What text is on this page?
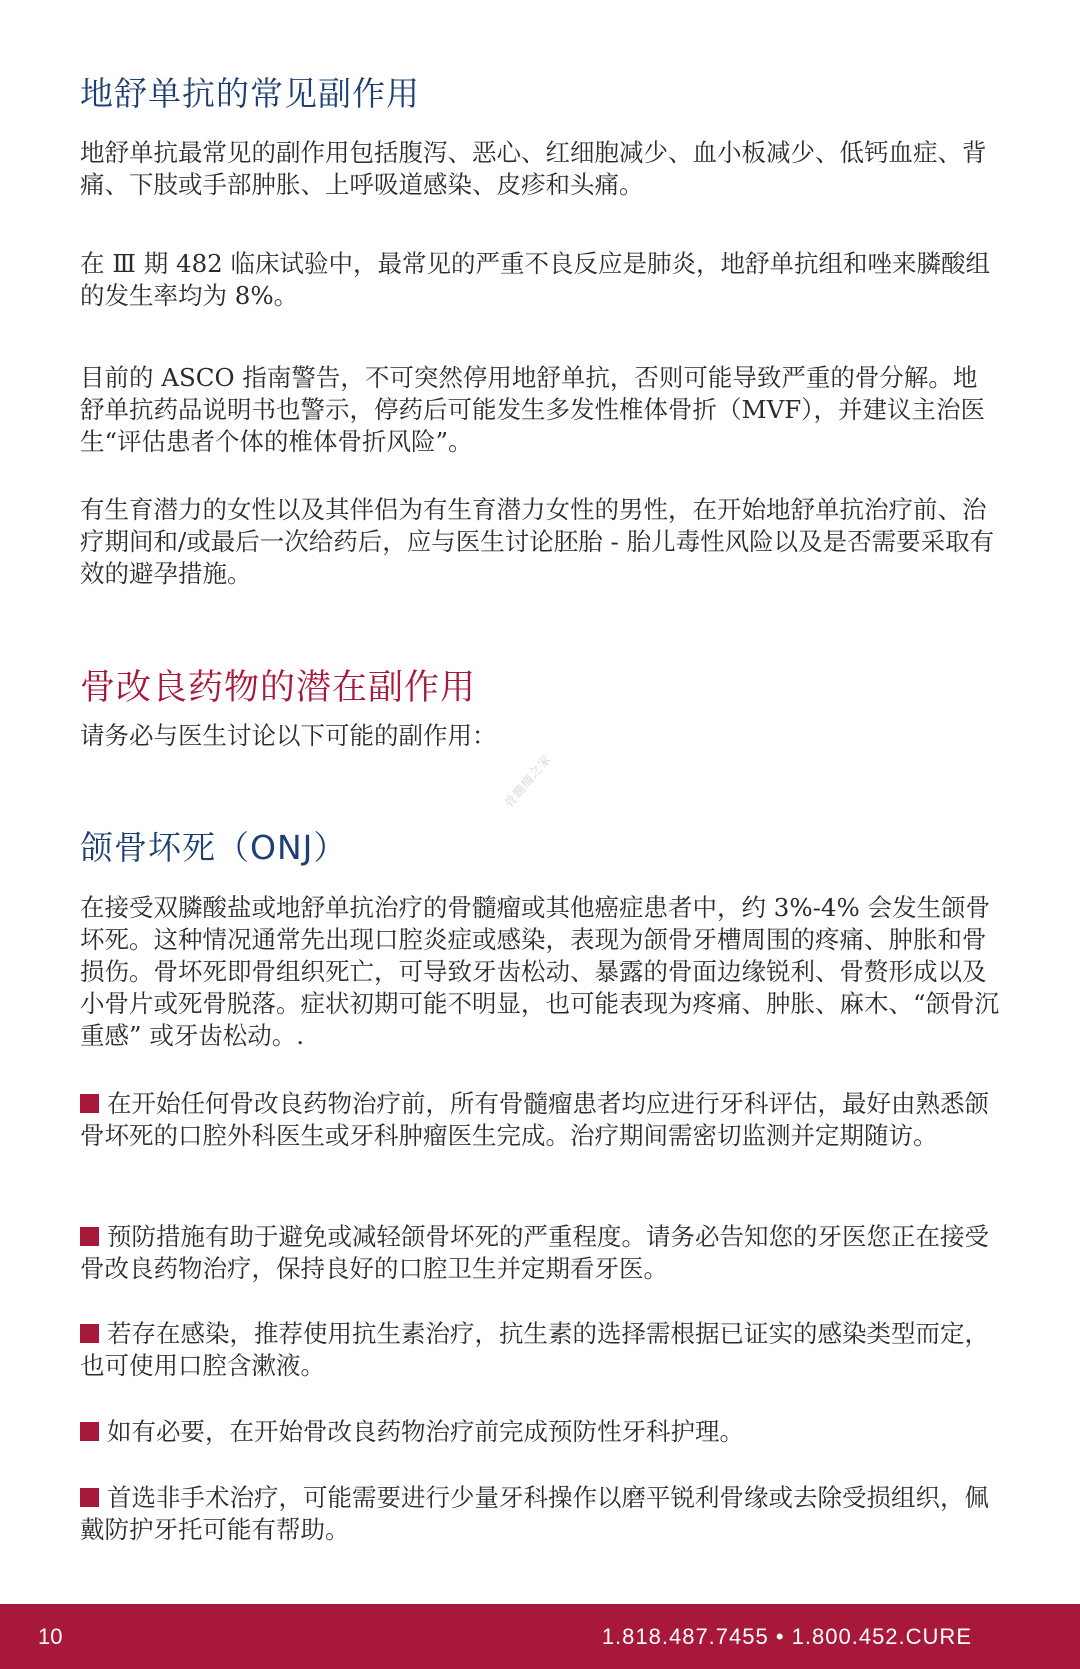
地舒单抗的常见副作用

地舒单抗最常见的副作用包括腹泻、恶心、红细胞减少、血小板减少、低钙血症、背痛、下肢或手部肿胀、上呼吸道感染、皮疹和头痛。

在 Ⅲ 期 482 临床试验中，最常见的严重不良反应是肺炎，地舒单抗组和唑来膦酸组的发生率均为 8%。

目前的 ASCO 指南警告，不可突然停用地舒单抗，否则可能导致严重的骨分解。地舒单抗药品说明书也警示，停药后可能发生多发性椎体骨折（MVF），并建议主治医生“评估患者个体的椎体骨折风险”。

有生育潜力的女性以及其伴侣为有生育潜力女性的男性，在开始地舒单抗治疗前、治疗期间和/或最后一次给药后，应与医生讨论胚胎 - 胎儿毒性风险以及是否需要采取有效的避孕措施。

骨改良药物的潜在副作用

请务必与医生讨论以下可能的副作用：

颌骨坏死（ONJ）

在接受双膦酸盐或地舒单抗治疗的骨髓瘤或其他癌症患者中，约 3%-4% 会发生颌骨坏死。这种情况通常先出现口腔炎症或感染，表现为颌骨牙槽周围的疼痛、肿胀和骨损伤。骨坏死即骨组织死亡，可导致牙齿松动、暴露的骨面边缘锐利、骨赘形成以及小骨片或死骨脱落。症状初期可能不明显，也可能表现为疼痛、肿胀、麻木、“颌骨沉重感” 或牙齿松动。.

在开始任何骨改良药物治疗前，所有骨髓瘤患者均应进行牙科评估，最好由熟悉颌骨坏死的口腔外科医生或牙科肿瘤医生完成。治疗期间需密切监测并定期随访。

预防措施有助于避免或减轻颌骨坏死的严重程度。请务必告知您的牙医您正在接受骨改良药物治疗，保持良好的口腔卫生并定期看牙医。

若存在感染，推荐使用抗生素治疗，抗生素的选择需根据已证实的感染类型而定，也可使用口腔含漱液。

如有必要，在开始骨改良药物治疗前完成预防性牙科护理。

首选非手术治疗，可能需要进行少量牙科操作以磨平锐利骨缘或去除受损组织，佩戴防护牙托可能有帮助。

骨髓瘤之家
10	1.818.487.7455 • 1.800.452.CURE
